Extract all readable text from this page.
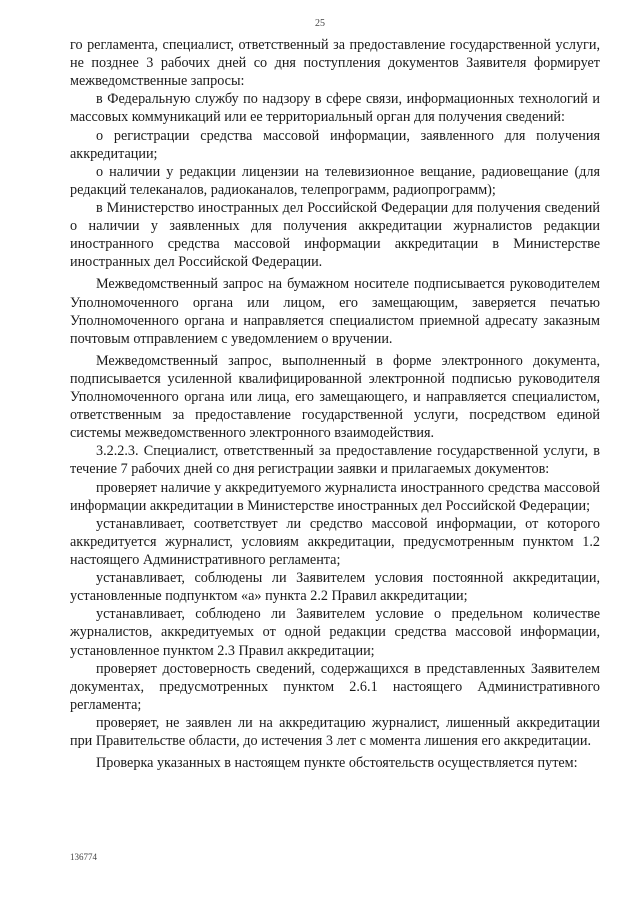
25

го регламента, специалист, ответственный за предоставление государственной услуги, не позднее 3 рабочих дней со дня поступления документов Заявителя формирует межведомственные запросы:

в Федеральную службу по надзору в сфере связи, информационных технологий и массовых коммуникаций или ее территориальный орган для получения сведений:

о регистрации средства массовой информации, заявленного для получения аккредитации;

о наличии у редакции лицензии на телевизионное вещание, радиовещание (для редакций телеканалов, радиоканалов, телепрограмм, радиопрограмм);

в Министерство иностранных дел Российской Федерации для получения сведений о наличии у заявленных для получения аккредитации журналистов редакции иностранного средства массовой информации аккредитации в Министерстве иностранных дел Российской Федерации.

Межведомственный запрос на бумажном носителе подписывается руководителем Уполномоченного органа или лицом, его замещающим, заверяется печатью Уполномоченного органа и направляется специалистом приемной адресату заказным почтовым отправлением с уведомлением о вручении.

Межведомственный запрос, выполненный в форме электронного документа, подписывается усиленной квалифицированной электронной подписью руководителя Уполномоченного органа или лица, его замещающего, и направляется специалистом, ответственным за предоставление государственной услуги, посредством единой системы межведомственного электронного взаимодействия.

3.2.2.3. Специалист, ответственный за предоставление государственной услуги, в течение 7 рабочих дней со дня регистрации заявки и прилагаемых документов:

проверяет наличие у аккредитуемого журналиста иностранного средства массовой информации аккредитации в Министерстве иностранных дел Российской Федерации;

устанавливает, соответствует ли средство массовой информации, от которого аккредитуется журналист, условиям аккредитации, предусмотренным пунктом 1.2 настоящего Административного регламента;

устанавливает, соблюдены ли Заявителем условия постоянной аккредитации, установленные подпунктом «а» пункта 2.2 Правил аккредитации;

устанавливает, соблюдено ли Заявителем условие о предельном количестве журналистов, аккредитуемых от одной редакции средства массовой информации, установленное пунктом 2.3 Правил аккредитации;

проверяет достоверность сведений, содержащихся в представленных Заявителем документах, предусмотренных пунктом 2.6.1 настоящего Административного регламента;

проверяет, не заявлен ли на аккредитацию журналист, лишенный аккредитации при Правительстве области, до истечения 3 лет с момента лишения его аккредитации.

Проверка указанных в настоящем пункте обстоятельств осуществляется путем:

136774
